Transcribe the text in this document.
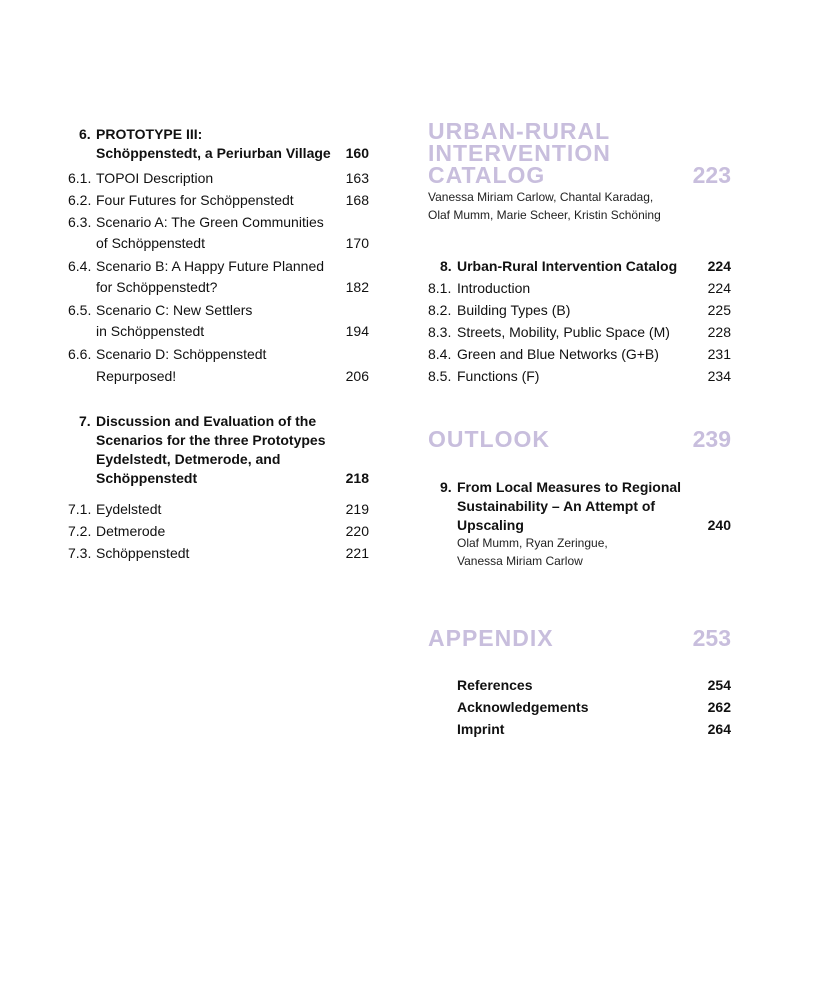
6. PROTOTYPE III:
Schöppenstedt, a Periurban Village	160
6.1. TOPOI Description	163
6.2. Four Futures for Schöppenstedt	168
6.3. Scenario A: The Green Communities
of Schöppenstedt	170
6.4. Scenario B: A Happy Future Planned
for Schöppenstedt?	182
6.5. Scenario C: New Settlers
in Schöppenstedt	194
6.6. Scenario D: Schöppenstedt
Repurposed!	206
7. Discussion and Evaluation of the
Scenarios for the three Prototypes
Eydelstedt, Detmerode, and
Schöppenstedt	218
7.1. Eydelstedt	219
7.2. Detmerode	220
7.3. Schöppenstedt	221
URBAN-RURAL
INTERVENTION
CATALOG	223
Vanessa Miriam Carlow, Chantal Karadag,
Olaf Mumm, Marie Scheer, Kristin Schöning
8. Urban-Rural Intervention Catalog	224
8.1. Introduction	224
8.2. Building Types (B)	225
8.3. Streets, Mobility, Public Space (M)	228
8.4. Green and Blue Networks (G+B)	231
8.5. Functions (F)	234
OUTLOOK	239
9. From Local Measures to Regional
Sustainability – An Attempt of
Upscaling	240
Olaf Mumm, Ryan Zeringue,
Vanessa Miriam Carlow
APPENDIX	253
References	254
Acknowledgements	262
Imprint	264
